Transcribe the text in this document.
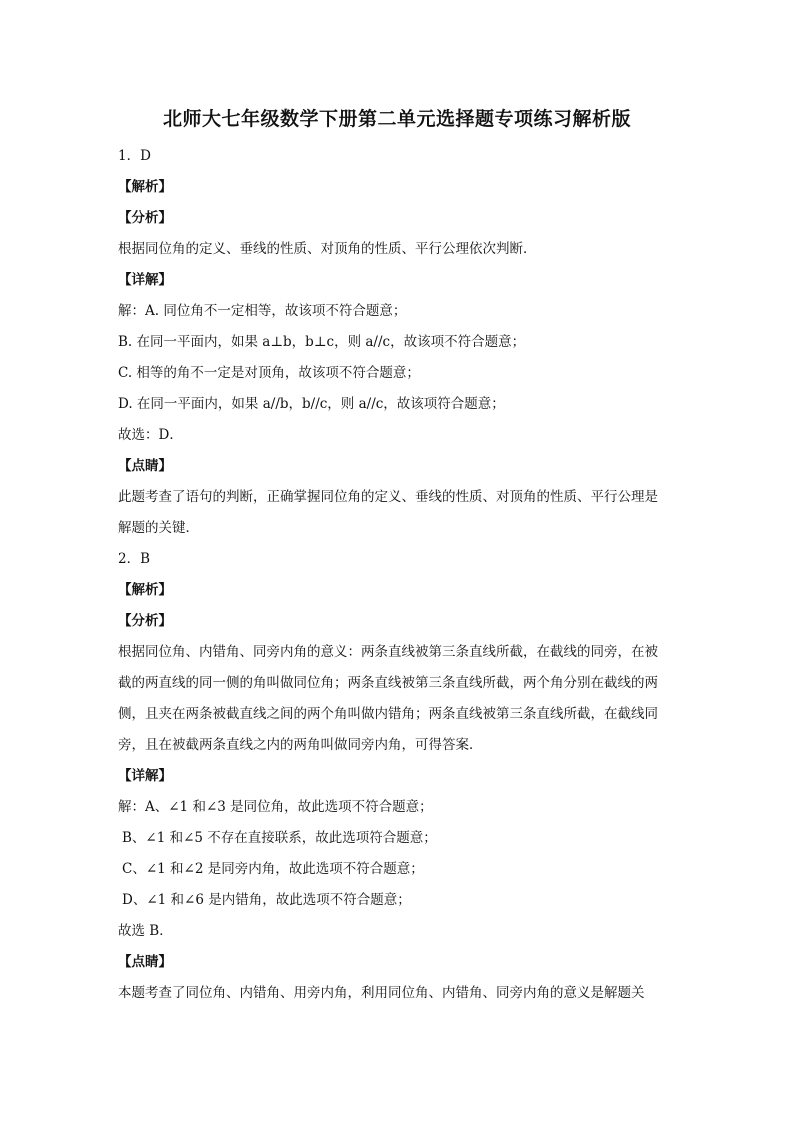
北师大七年级数学下册第二单元选择题专项练习解析版
1．D
【解析】
【分析】
根据同位角的定义、垂线的性质、对顶角的性质、平行公理依次判断．
【详解】
解：A. 同位角不一定相等，故该项不符合题意；
B. 在同一平面内，如果 a⊥b，b⊥c，则 a//c，故该项不符合题意；
C. 相等的角不一定是对顶角，故该项不符合题意；
D. 在同一平面内，如果 a//b，b//c，则 a//c，故该项符合题意；
故选：D．
【点睛】
此题考查了语句的判断，正确掌握同位角的定义、垂线的性质、对顶角的性质、平行公理是
解题的关键．
2．B
【解析】
【分析】
根据同位角、内错角、同旁内角的意义：两条直线被第三条直线所截，在截线的同旁，在被
截的两直线的同一侧的角叫做同位角；两条直线被第三条直线所截，两个角分别在截线的两
侧，且夹在两条被截直线之间的两个角叫做内错角；两条直线被第三条直线所截，在截线同
旁，且在被截两条直线之内的两角叫做同旁内角，可得答案．
【详解】
解：A、∠1 和∠3 是同位角，故此选项不符合题意；
B、∠1 和∠5 不存在直接联系，故此选项符合题意；
C、∠1 和∠2 是同旁内角，故此选项不符合题意；
D、∠1 和∠6 是内错角，故此选项不符合题意；
故选 B．
【点睛】
本题考查了同位角、内错角、用旁内角，利用同位角、内错角、同旁内角的意义是解题关
